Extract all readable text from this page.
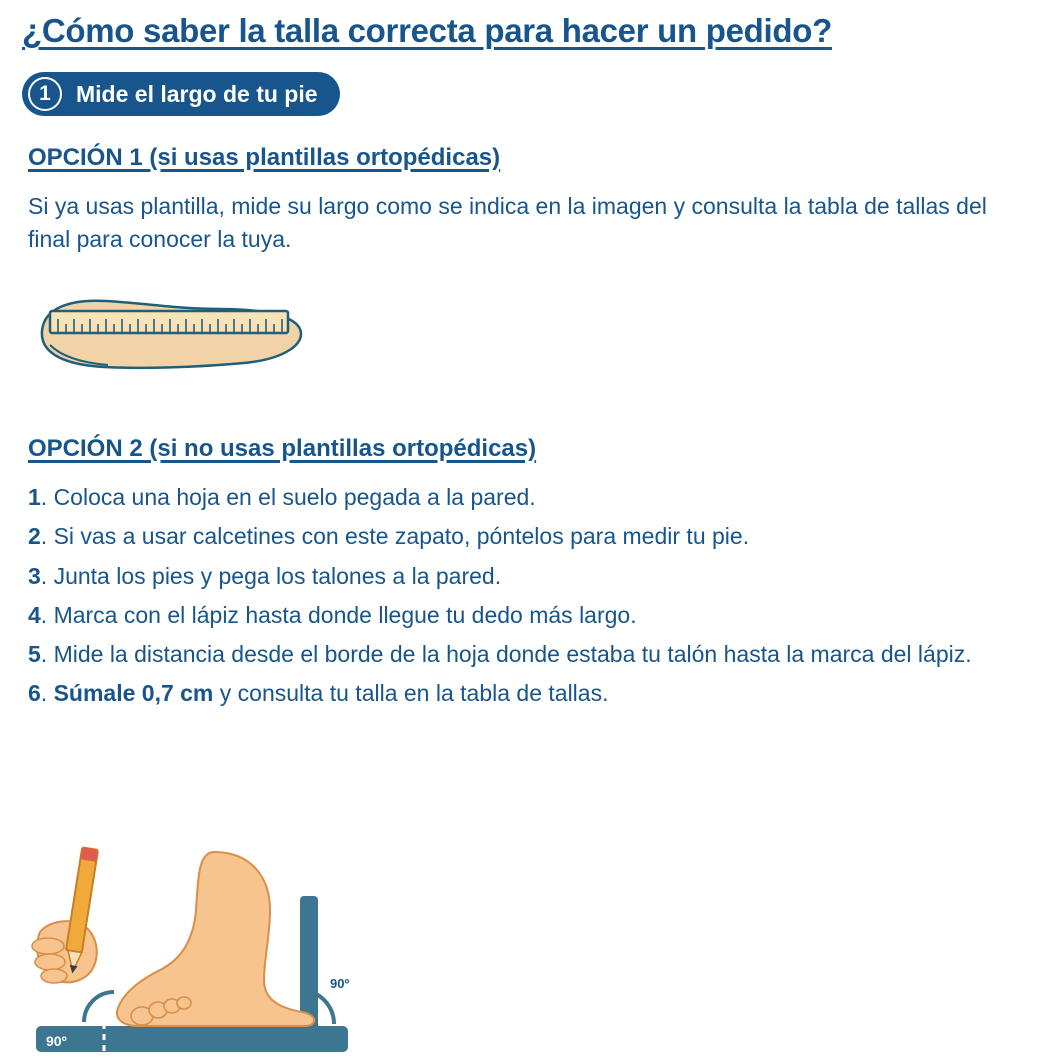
¿Cómo saber la talla correcta para hacer un pedido?
1	Mide el largo de tu pie
OPCIÓN 1 (si usas plantillas ortopédicas)

Si ya usas plantilla, mide su largo como se indica en la imagen y consulta la tabla de tallas del final para conocer la tuya.

OPCIÓN 2 (si no usas plantillas ortopédicas)
1. Coloca una hoja en el suelo pegada a la pared.
2. Si vas a usar calcetines con este zapato, póntelos para medir tu pie.
3. Junta los pies y pega los talones a la pared.
4. Marca con el lápiz hasta donde llegue tu dedo más largo.
5. Mide la distancia desde el borde de la hoja donde estaba tu talón hasta la marca del lápiz.
6. Súmale 0,7 cm y consulta tu talla en la tabla de tallas.
90º
90º
